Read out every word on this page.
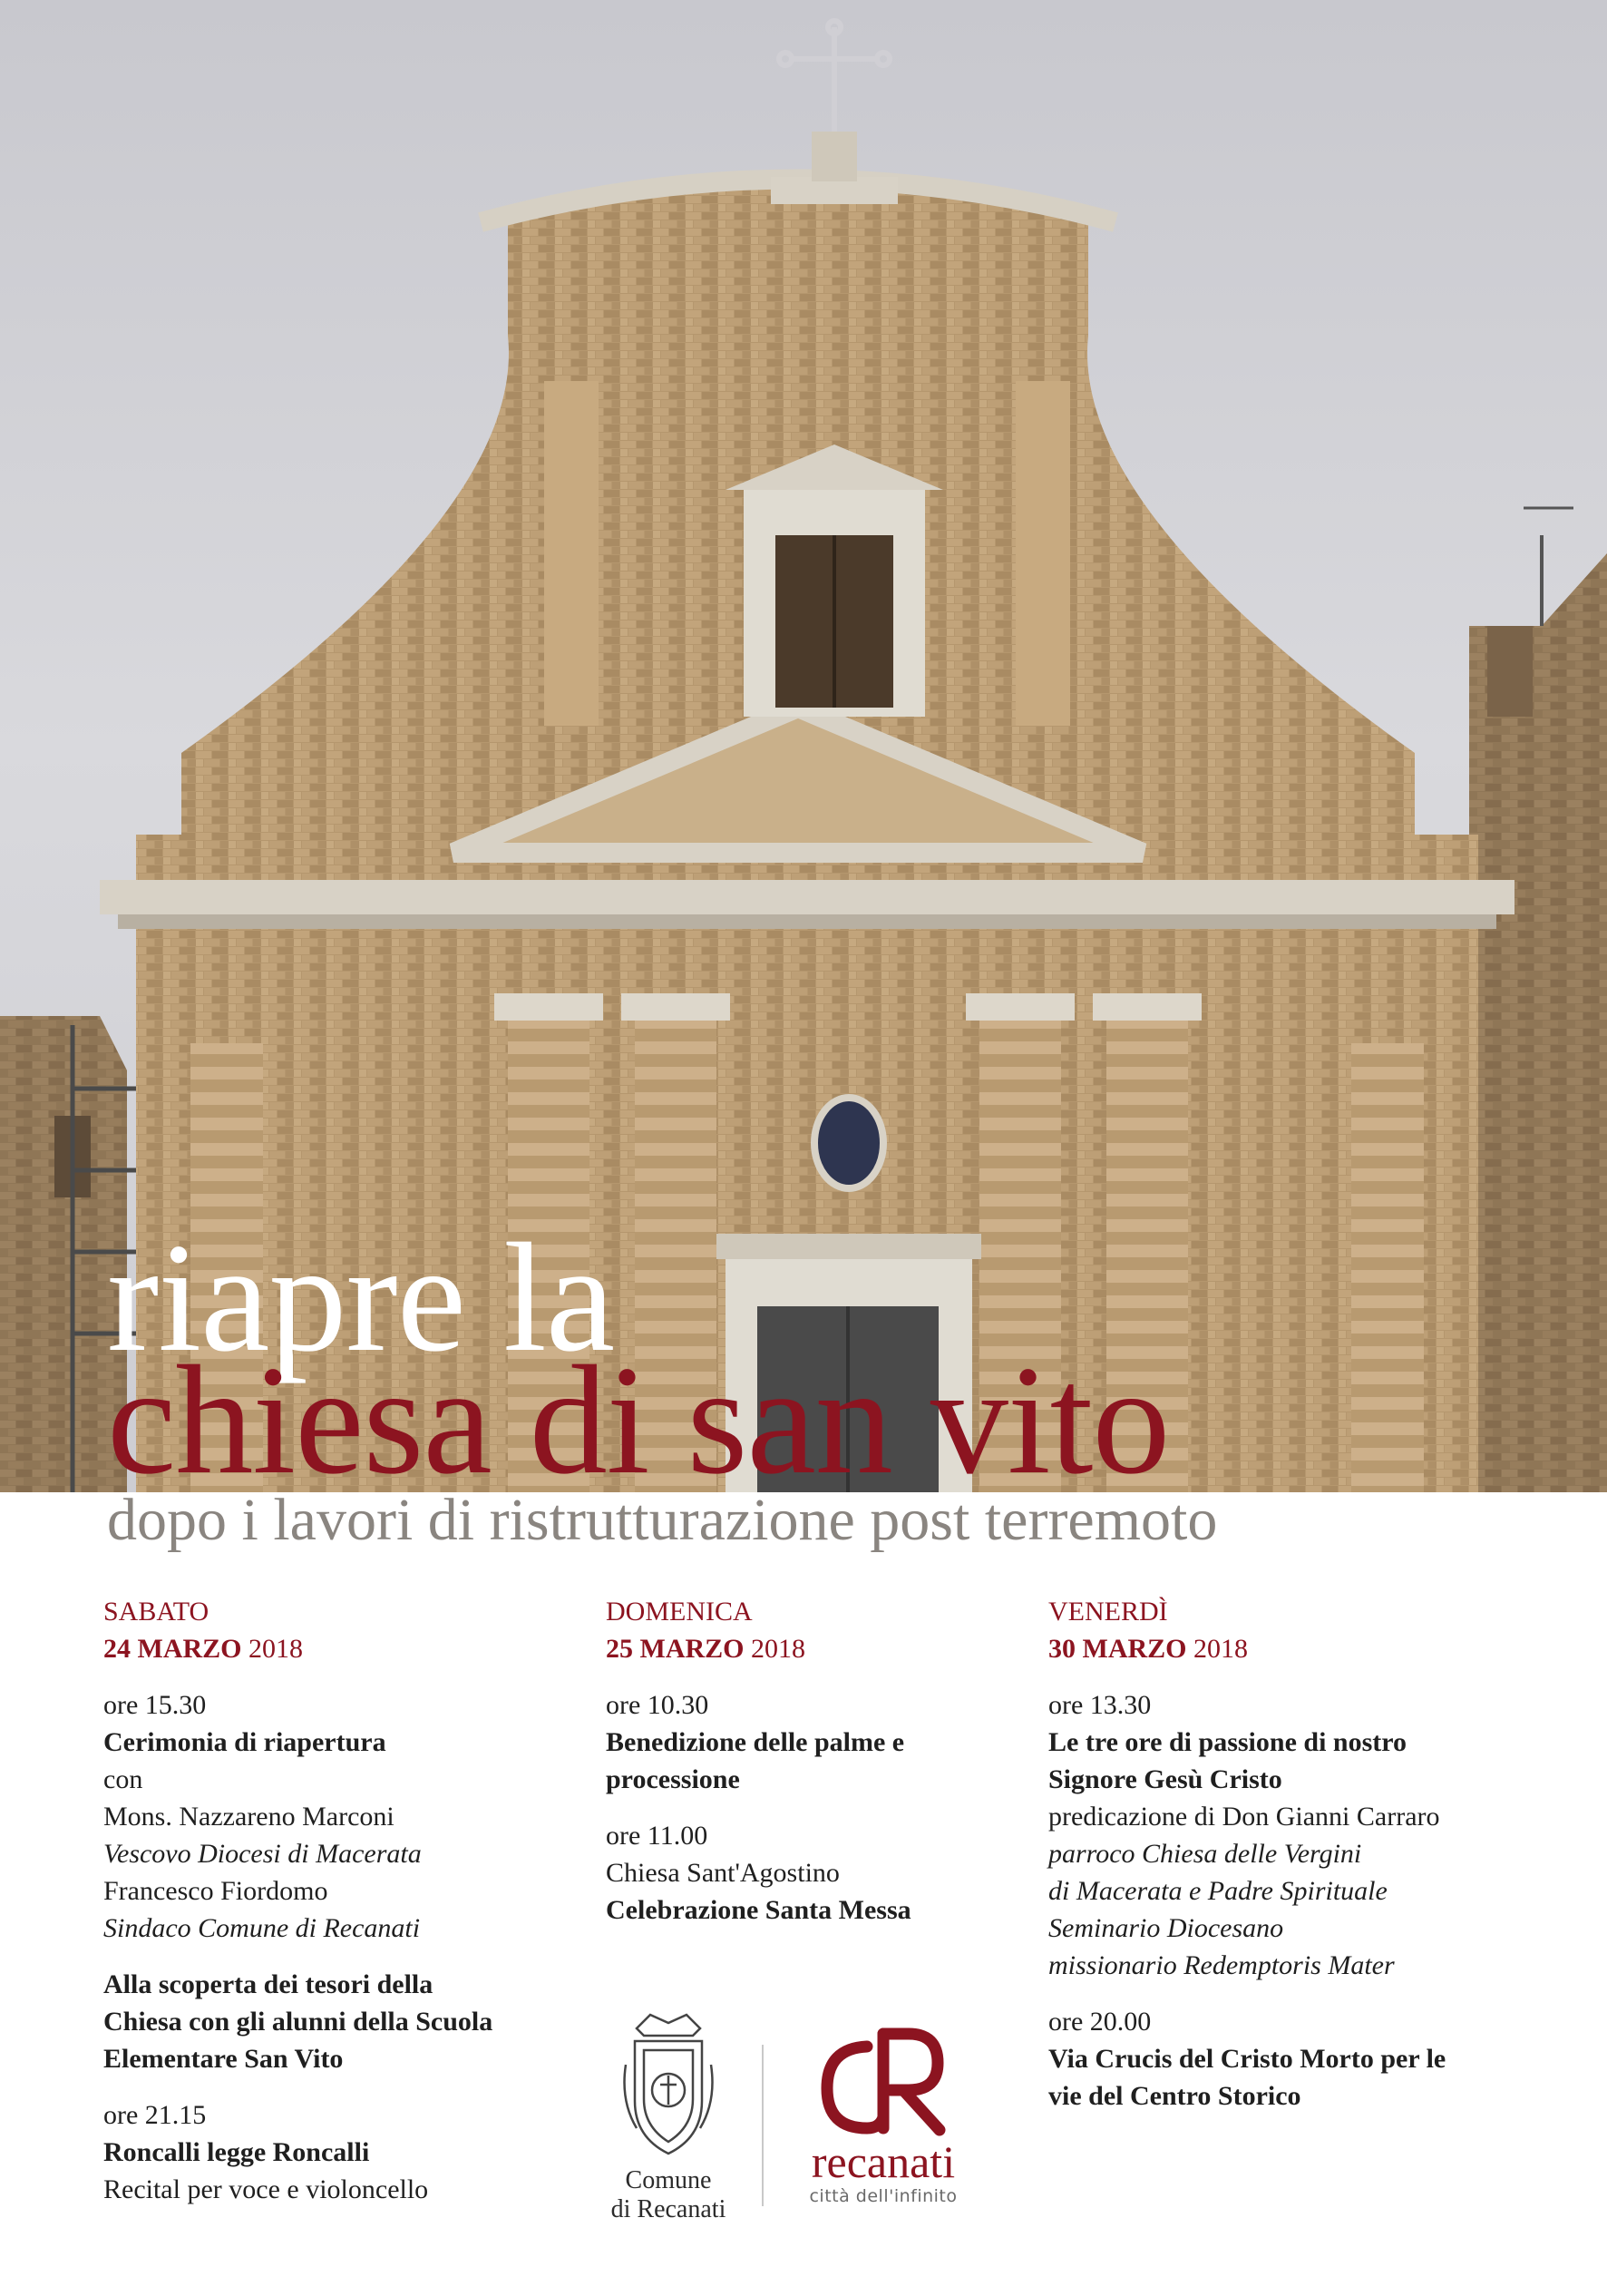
riapre la
chiesa di san vito
dopo i lavori di ristrutturazione post terremoto

SABATO

24 MARZO 2018

ore 15.30

Cerimonia di riapertura

con

Mons. Nazzareno Marconi

Vescovo Diocesi di Macerata

Francesco Fiordomo

Sindaco Comune di Recanati

Alla scoperta dei tesori della Chiesa con gli alunni della Scuola Elementare San Vito

ore 21.15

Roncalli legge Roncalli

Recital per voce e violoncello

DOMENICA

25 MARZO 2018

ore 10.30

Benedizione delle palme e processione

ore 11.00

Chiesa Sant'Agostino

Celebrazione Santa Messa

VENERDÌ

30 MARZO 2018

ore 13.30

Le tre ore di passione di nostro Signore Gesù Cristo

predicazione di Don Gianni Carraro

parroco Chiesa delle Vergini

di Macerata e Padre Spirituale

Seminario Diocesano

missionario Redemptoris Mater

ore 20.00

Via Crucis del Cristo Morto per le vie del Centro Storico

Comune
di Recanati
recanati
città dell'infinito
